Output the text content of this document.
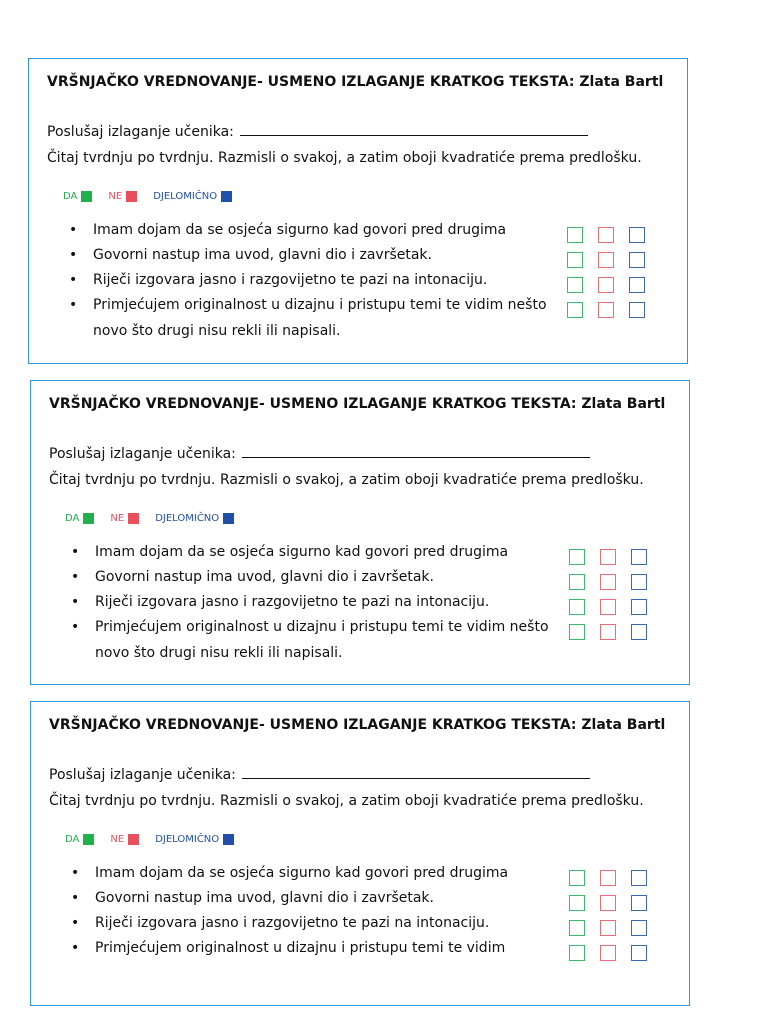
VRŠNJAČKO VREDNOVANJE- USMENO IZLAGANJE KRATKOG TEKSTA: Zlata Bartl
Poslušaj izlaganje učenika:
Čitaj tvrdnju po tvrdnju. Razmisli o svakoj, a zatim oboji kvadratiće prema predlošku.
DA	NE	DJELOMIČNO
• Imam dojam da se osjeća sigurno kad govori pred drugima
• Govorni nastup ima uvod, glavni dio i završetak.
• Riječi izgovara jasno i razgovijetno te pazi na intonaciju.
• Primjećujem originalnost u dizajnu i pristupu temi te vidim nešto novo što drugi nisu rekli ili napisali.
VRŠNJAČKO VREDNOVANJE- USMENO IZLAGANJE KRATKOG TEKSTA: Zlata Bartl
Poslušaj izlaganje učenika:
Čitaj tvrdnju po tvrdnju. Razmisli o svakoj, a zatim oboji kvadratiće prema predlošku.
DA	NE	DJELOMIČNO
• Imam dojam da se osjeća sigurno kad govori pred drugima
• Govorni nastup ima uvod, glavni dio i završetak.
• Riječi izgovara jasno i razgovijetno te pazi na intonaciju.
• Primjećujem originalnost u dizajnu i pristupu temi te vidim nešto novo što drugi nisu rekli ili napisali.
VRŠNJAČKO VREDNOVANJE- USMENO IZLAGANJE KRATKOG TEKSTA: Zlata Bartl
Poslušaj izlaganje učenika:
Čitaj tvrdnju po tvrdnju. Razmisli o svakoj, a zatim oboji kvadratiće prema predlošku.
DA	NE	DJELOMIČNO
• Imam dojam da se osjeća sigurno kad govori pred drugima
• Govorni nastup ima uvod, glavni dio i završetak.
• Riječi izgovara jasno i razgovijetno te pazi na intonaciju.
• Primjećujem originalnost u dizajnu i pristupu temi te vidim
